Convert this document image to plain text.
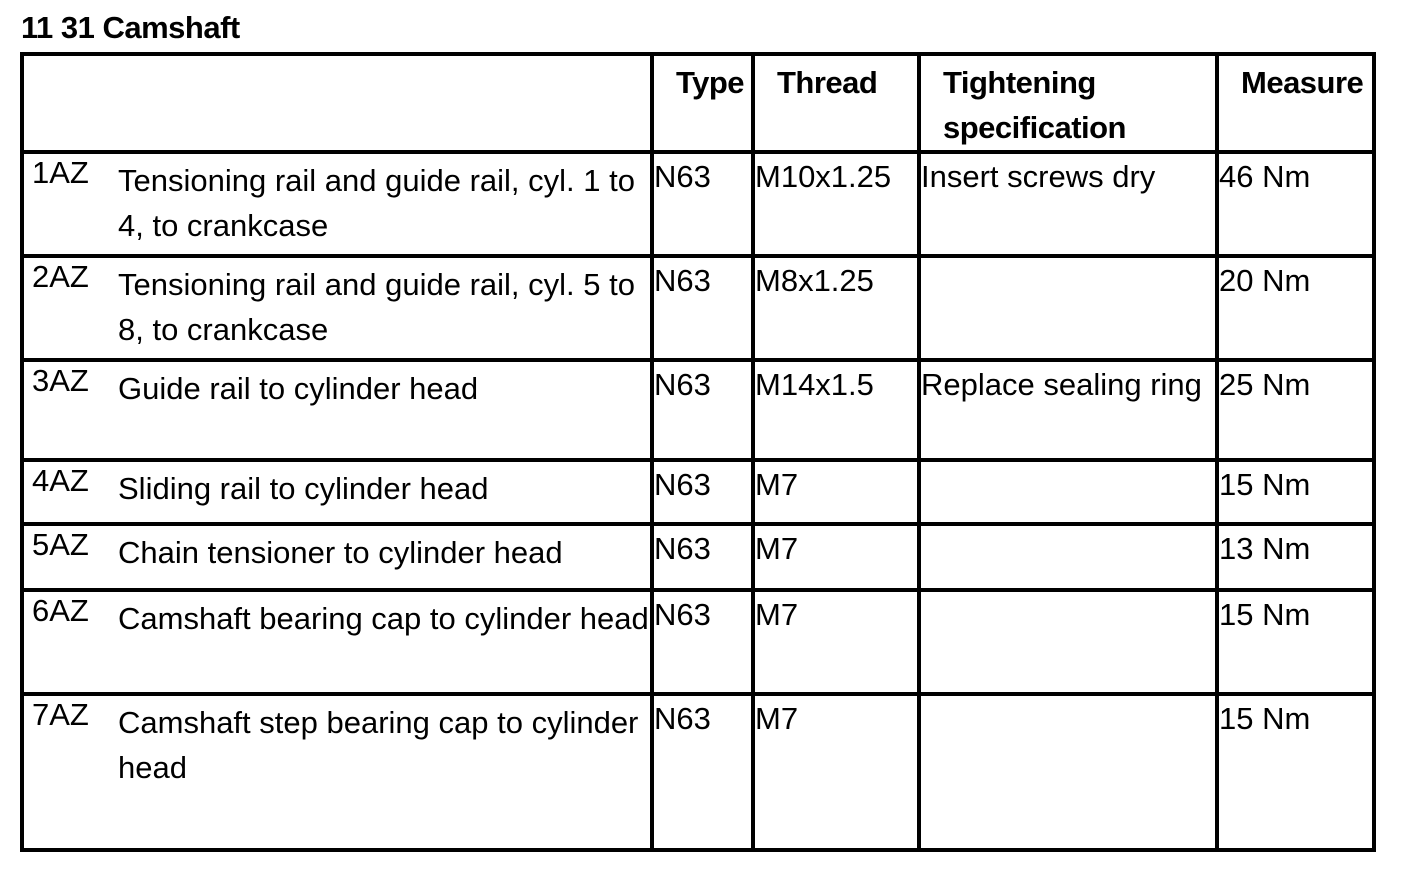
11 31 Camshaft
	Type	Thread	Tightening specification	Measure

1AZ Tensioning rail and guide rail, cyl. 1 to 4, to crankcase	N63	M10x1.25	Insert screws dry	46 Nm

2AZ Tensioning rail and guide rail, cyl. 5 to 8, to crankcase	N63	M8x1.25		20 Nm

3AZ Guide rail to cylinder head	N63	M14x1.5	Replace sealing ring	25 Nm

4AZ Sliding rail to cylinder head	N63	M7		15 Nm

5AZ Chain tensioner to cylinder head	N63	M7		13 Nm

6AZ Camshaft bearing cap to cylinder head	N63	M7		15 Nm

7AZ Camshaft step bearing cap to cylinder head	N63	M7		15 Nm
